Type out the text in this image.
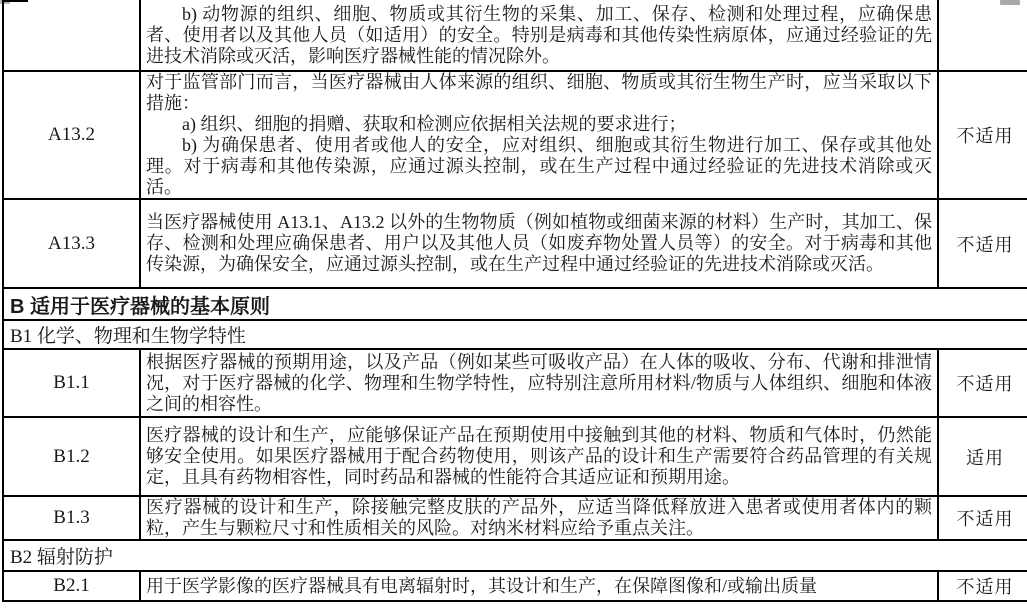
	b) 动物源的组织、细胞、物质或其衍生物的采集、加工、保存、检测和处理过程，应确保患者、使用者以及其他人员（如适用）的安全。特别是病毒和其他传染性病原体，应通过经验证的先进技术消除或灭活，影响医疗器械性能的情况除外。	

A13.2	对于监管部门而言，当医疗器械由人体来源的组织、细胞、物质或其衍生物生产时，应当采取以下措施：
a) 组织、细胞的捐赠、获取和检测应依据相关法规的要求进行；
b) 为确保患者、使用者或他人的安全，应对组织、细胞或其衍生物进行加工、保存或其他处理。对于病毒和其他传染源，应通过源头控制，或在生产过程中通过经验证的先进技术消除或灭活。	不适用
A13.3	当医疗器械使用 A13.1、A13.2 以外的生物物质（例如植物或细菌来源的材料）生产时，其加工、保存、检测和处理应确保患者、用户以及其他人员（如废弃物处置人员等）的安全。对于病毒和其他传染源，为确保安全，应通过源头控制，或在生产过程中通过经验证的先进技术消除或灭活。	不适用
B 适用于医疗器械的基本原则		
B1 化学、物理和生物学特性		
B1.1	根据医疗器械的预期用途，以及产品（例如某些可吸收产品）在人体的吸收、分布、代谢和排泄情况，对于医疗器械的化学、物理和生物学特性，应特别注意所用材料/物质与人体组织、细胞和体液之间的相容性。	不适用
B1.2	医疗器械的设计和生产，应能够保证产品在预期使用中接触到其他的材料、物质和气体时，仍然能够安全使用。如果医疗器械用于配合药物使用，则该产品的设计和生产需要符合药品管理的有关规定，且具有药物相容性，同时药品和器械的性能符合其适应证和预期用途。	适用
B1.3	医疗器械的设计和生产，除接触完整皮肤的产品外，应适当降低释放进入患者或使用者体内的颗粒，产生与颗粒尺寸和性质相关的风险。对纳米材料应给予重点关注。	不适用
B2 辐射防护		
B2.1	用于医学影像的医疗器械具有电离辐射时，其设计和生产，在保障图像和/或输出质量	不适用
